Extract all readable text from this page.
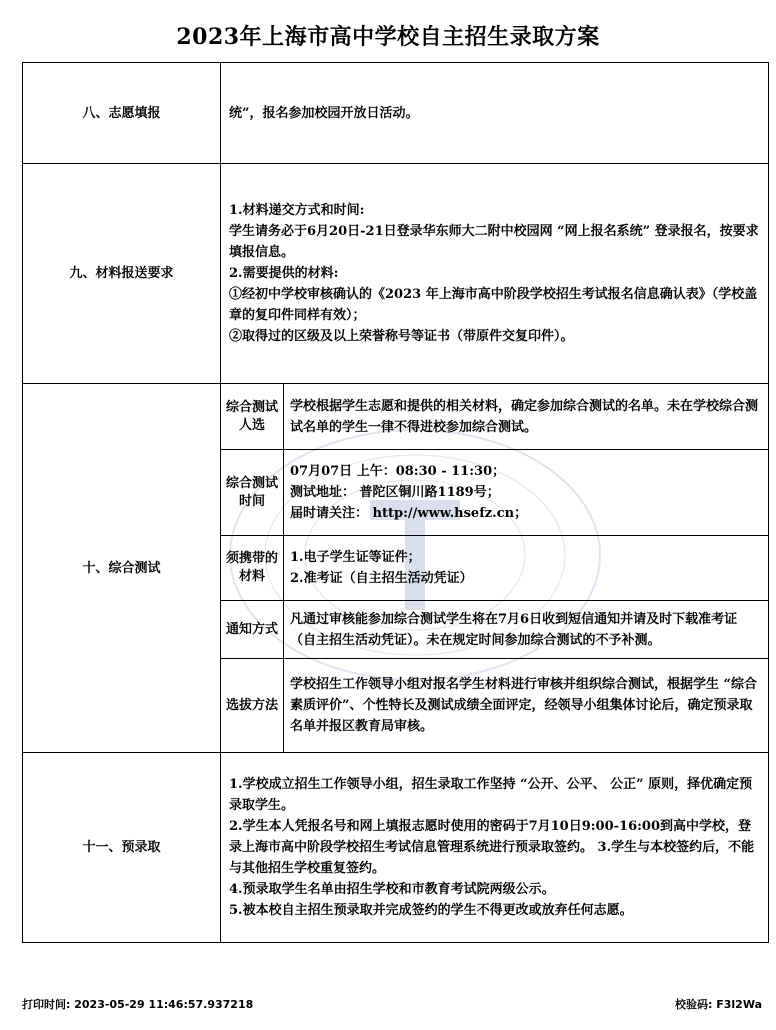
2023年上海市高中学校自主招生录取方案
八、志愿填报	统”，报名参加校园开放日活动。	
九、材料报送要求	1.材料递交方式和时间:
学生请务必于6月20日-21日登录华东师大二附中校园网 “网上报名系统” 登录报名，按要求填报信息。
2.需要提供的材料:
①经初中学校审核确认的《2023 年上海市高中阶段学校招生考试报名信息确认表》（学校盖章的复印件同样有效）；
②取得过的区级及以上荣誉称号等证书（带原件交复印件）。	

十、综合测试	综合测试人选	学校根据学生志愿和提供的相关材料，确定参加综合测试的名单。未在学校综合测试名单的学生一律不得进校参加综合测试。
	综合测试时间	07月07日 上午：08:30 - 11:30；
测试地址： 普陀区铜川路1189号；
届时请关注： http://www.hsefz.cn；

	须携带的材料	1.电子学生证等证件；
2.准考证（自主招生活动凭证）

	通知方式	凡通过审核能参加综合测试学生将在7月6日收到短信通知并请及时下载准考证（自主招生活动凭证）。未在规定时间参加综合测试的不予补测。
	选拔方法	学校招生工作领导小组对报名学生材料进行审核并组织综合测试，根据学生 “综合素质评价”、个性特长及测试成绩全面评定，经领导小组集体讨论后，确定预录取名单并报区教育局审核。
十一、预录取	1.学校成立招生工作领导小组，招生录取工作坚持 “公开、公平、 公正” 原则，择优确定预录取学生。
2.学生本人凭报名号和网上填报志愿时使用的密码于7月10日9:00-16:00到高中学校，登录上海市高中阶段学校招生考试信息管理系统进行预录取签约。 3.学生与本校签约后，不能与其他招生学校重复签约。
4.预录取学生名单由招生学校和市教育考试院两级公示。
5.被本校自主招生预录取并完成签约的学生不得更改或放弃任何志愿。	
打印时间: 2023-05-29 11:46:57.937218	校验码: F3l2Wa
